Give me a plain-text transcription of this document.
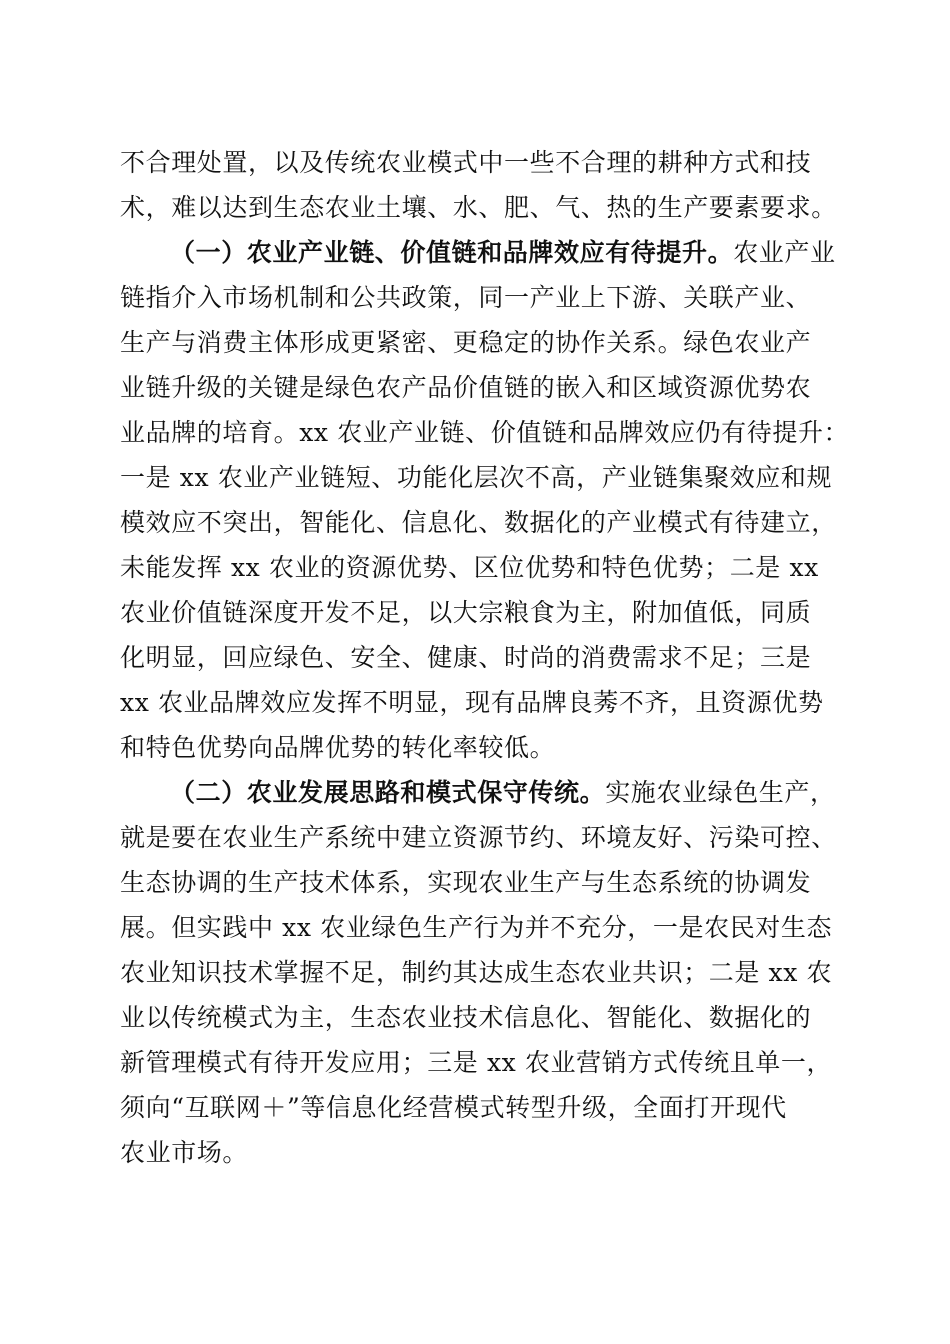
不合理处置，以及传统农业模式中一些不合理的耕种方式和技
术，难以达到生态农业土壤、水、肥、气、热的生产要素要求。
（一）农业产业链、价值链和品牌效应有待提升。农业产业
链指介入市场机制和公共政策，同一产业上下游、关联产业、
生产与消费主体形成更紧密、更稳定的协作关系。绿色农业产
业链升级的关键是绿色农产品价值链的嵌入和区域资源优势农
业品牌的培育。xx 农业产业链、价值链和品牌效应仍有待提升：
一是 xx 农业产业链短、功能化层次不高，产业链集聚效应和规
模效应不突出，智能化、信息化、数据化的产业模式有待建立，
未能发挥 xx 农业的资源优势、区位优势和特色优势；二是 xx
农业价值链深度开发不足，以大宗粮食为主，附加值低，同质
化明显，回应绿色、安全、健康、时尚的消费需求不足；三是
xx 农业品牌效应发挥不明显，现有品牌良莠不齐，且资源优势
和特色优势向品牌优势的转化率较低。
（二）农业发展思路和模式保守传统。实施农业绿色生产，
就是要在农业生产系统中建立资源节约、环境友好、污染可控、
生态协调的生产技术体系，实现农业生产与生态系统的协调发
展。但实践中 xx 农业绿色生产行为并不充分，一是农民对生态
农业知识技术掌握不足，制约其达成生态农业共识；二是 xx 农
业以传统模式为主，生态农业技术信息化、智能化、数据化的
新管理模式有待开发应用；三是 xx 农业营销方式传统且单一，
须向“互联网＋”等信息化经营模式转型升级，全面打开现代
农业市场。
